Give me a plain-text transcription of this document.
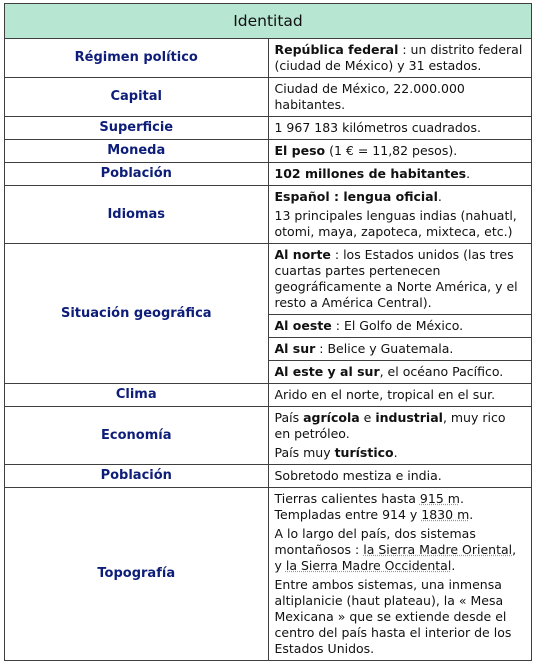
Identitad	
Régimen político	República federal : un distrito federal (ciudad de México) y 31 estados.
Capital	Ciudad de México, 22.000.000 habitantes.
Superficie	1 967 183 kilómetros cuadrados.
Moneda	El peso (1 € = 11,82 pesos).
Población	102 millones de habitantes.
Idiomas	Español : lengua oficial.

13 principales lenguas indias (nahuatl, otomi, maya, zapoteca, mixteca, etc.)

Situación geográfica	Al norte : los Estados unidos (las tres cuartas partes pertenecen geográficamente a Norte América, y el resto a América Central).
	Al oeste : El Golfo de México.
	Al sur : Belice y Guatemala.
	Al este y al sur, el océano Pacífico.
Clima	Arido en el norte, tropical en el sur.
Economía	País agrícola e industrial, muy rico en petróleo.

País muy turístico.

Población	Sobretodo mestiza e india.
Topografía	Tierras calientes hasta 915 m. Templadas entre 914 y 1830 m.

A lo largo del país, dos sistemas montañosos : la Sierra Madre Oriental, y la Sierra Madre Occidental.

Entre ambos sistemas, una inmensa altiplanicie (haut plateau), la « Mesa Mexicana » que se extiende desde el centro del país hasta el interior de los Estados Unidos.
